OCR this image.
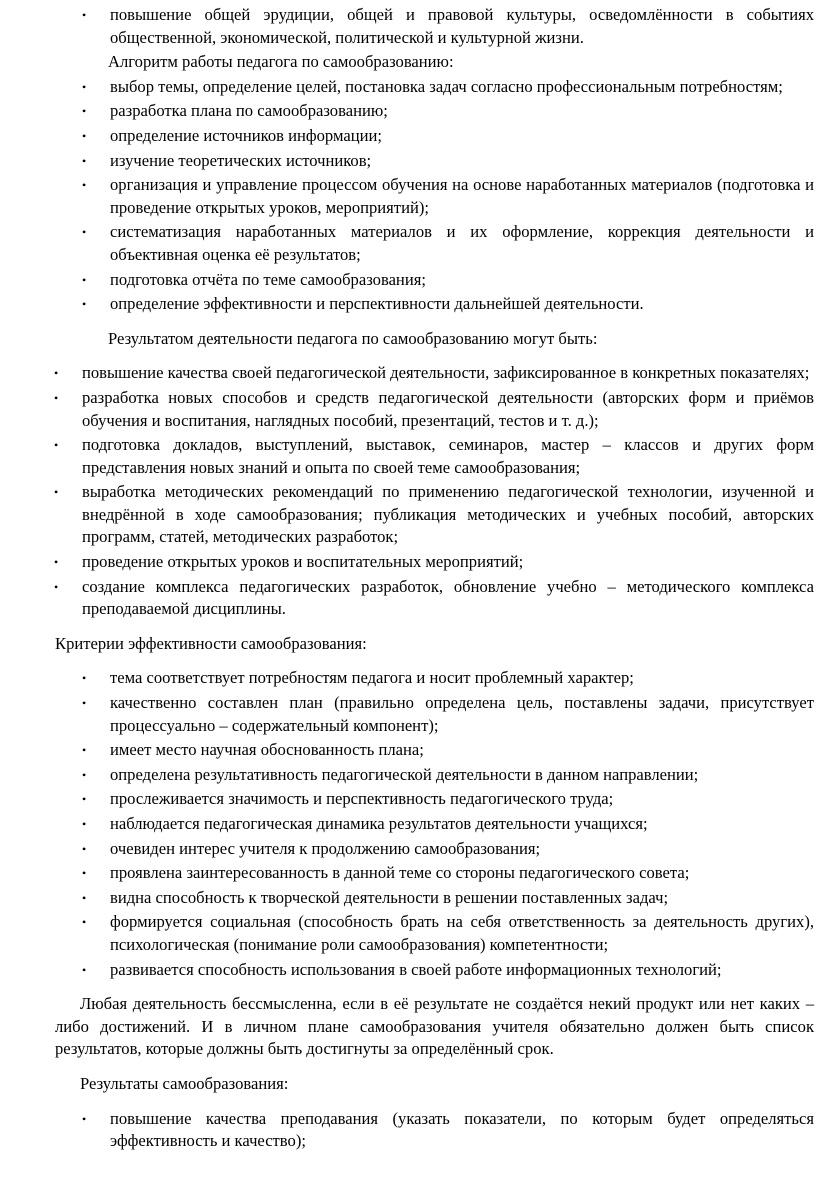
• повышение общей эрудиции, общей и правовой культуры, осведомлённости в событиях общественной, экономической, политической и культурной жизни.

Алгоритм работы педагога по самообразованию:

• выбор темы, определение целей, постановка задач согласно профессиональным потребностям;
• разработка плана по самообразованию;
• определение источников информации;
• изучение теоретических источников;
• организация и управление процессом обучения на основе наработанных материалов (подготовка и проведение открытых уроков, мероприятий);
• систематизация наработанных материалов и их оформление, коррекция деятельности и объективная оценка её результатов;
• подготовка отчёта по теме самообразования;
• определение эффективности и перспективности дальнейшей деятельности.

Результатом деятельности педагога по самообразованию могут быть:

• повышение качества своей педагогической деятельности, зафиксированное в конкретных показателях;
• разработка новых способов и средств педагогической деятельности (авторских форм и приёмов обучения и воспитания, наглядных пособий, презентаций, тестов и т. д.);
• подготовка докладов, выступлений, выставок, семинаров, мастер – классов и других форм представления новых знаний и опыта по своей теме самообразования;
• выработка методических рекомендаций по применению педагогической технологии, изученной и внедрённой в ходе самообразования; публикация методических и учебных пособий, авторских программ, статей, методических разработок;
• проведение открытых уроков и воспитательных мероприятий;
• создание комплекса педагогических разработок, обновление учебно – методического комплекса преподаваемой дисциплины.

Критерии эффективности самообразования:

• тема соответствует потребностям педагога и носит проблемный характер;
• качественно составлен план (правильно определена цель, поставлены задачи, присутствует процессуально – содержательный компонент);
• имеет место научная обоснованность плана;
• определена результативность педагогической деятельности в данном направлении;
• прослеживается значимость и перспективность педагогического труда;
• наблюдается педагогическая динамика результатов деятельности учащихся;
• очевиден интерес учителя к продолжению самообразования;
• проявлена заинтересованность в данной теме со стороны педагогического совета;
• видна способность к творческой деятельности в решении поставленных задач;
• формируется социальная (способность брать на себя ответственность за деятельность других), психологическая (понимание роли самообразования) компетентности;
• развивается способность использования в своей работе информационных технологий;

Любая деятельность бессмысленна, если в её результате не создаётся некий продукт или нет каких – либо достижений. И в личном плане самообразования учителя обязательно должен быть список результатов, которые должны быть достигнуты за определённый срок.

Результаты самообразования:

• повышение качества преподавания (указать показатели, по которым будет определяться эффективность и качество);
